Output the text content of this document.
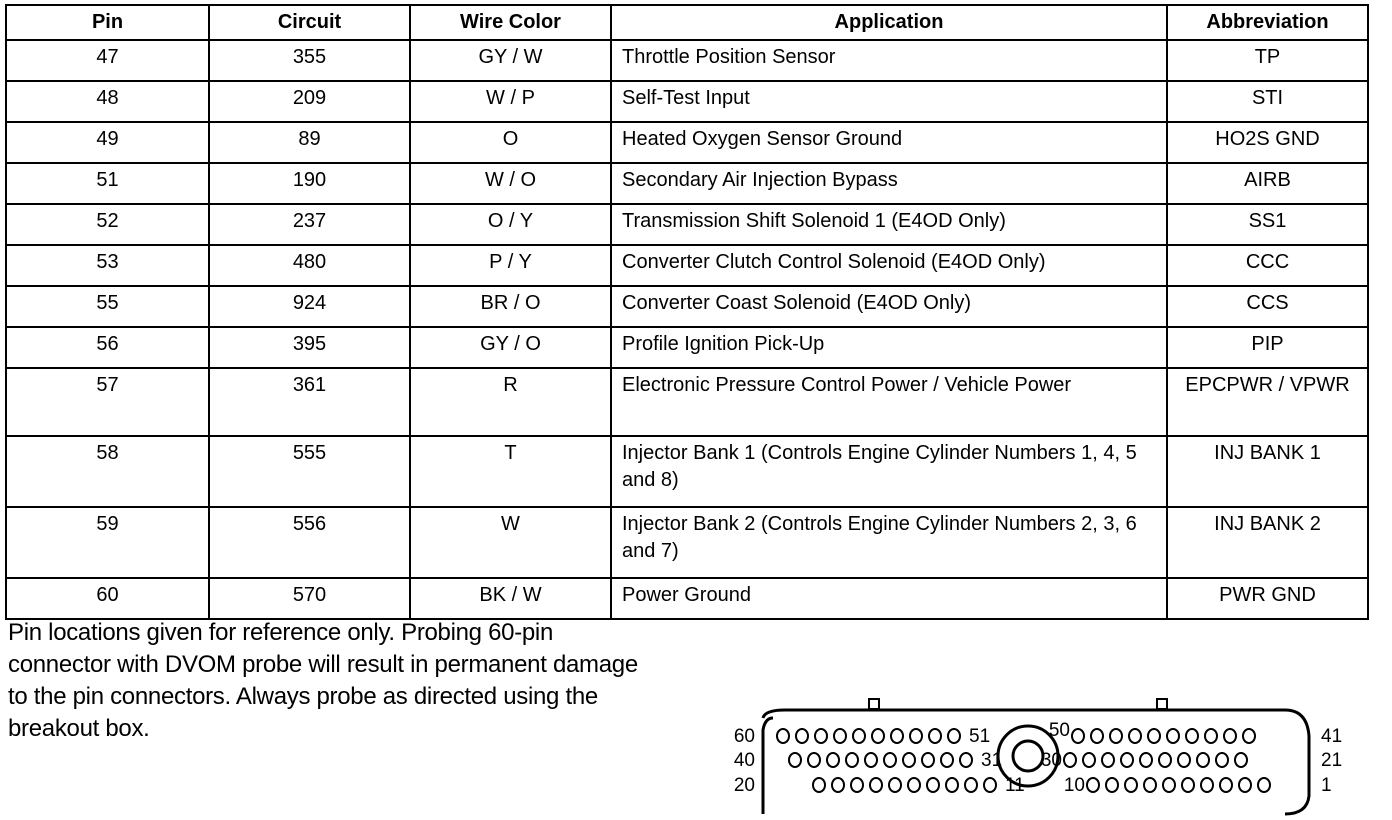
Pin	Circuit	Wire Color	Application	Abbreviation
47	355	GY / W	Throttle Position Sensor	TP
48	209	W / P	Self-Test Input	STI
49	89	O	Heated Oxygen Sensor Ground	HO2S GND
51	190	W / O	Secondary Air Injection Bypass	AIRB
52	237	O / Y	Transmission Shift Solenoid 1 (E4OD Only)	SS1
53	480	P / Y	Converter Clutch Control Solenoid (E4OD Only)	CCC
55	924	BR / O	Converter Coast Solenoid (E4OD Only)	CCS
56	395	GY / O	Profile Ignition Pick-Up	PIP
57	361	R	Electronic Pressure Control Power / Vehicle Power	EPCPWR / VPWR
58	555	T	Injector Bank 1 (Controls Engine Cylinder Numbers 1, 4, 5 and 8)	INJ BANK 1
59	556	W	Injector Bank 2 (Controls Engine Cylinder Numbers 2, 3, 6 and 7)	INJ BANK 2
60	570	BK / W	Power Ground	PWR GND
Pin locations given for reference only. Probing 60-pin connector with DVOM probe will result in permanent damage to the pin connectors. Always probe as directed using the breakout box.	60	41
51	50
40	21
31 30
20	1
11 10
